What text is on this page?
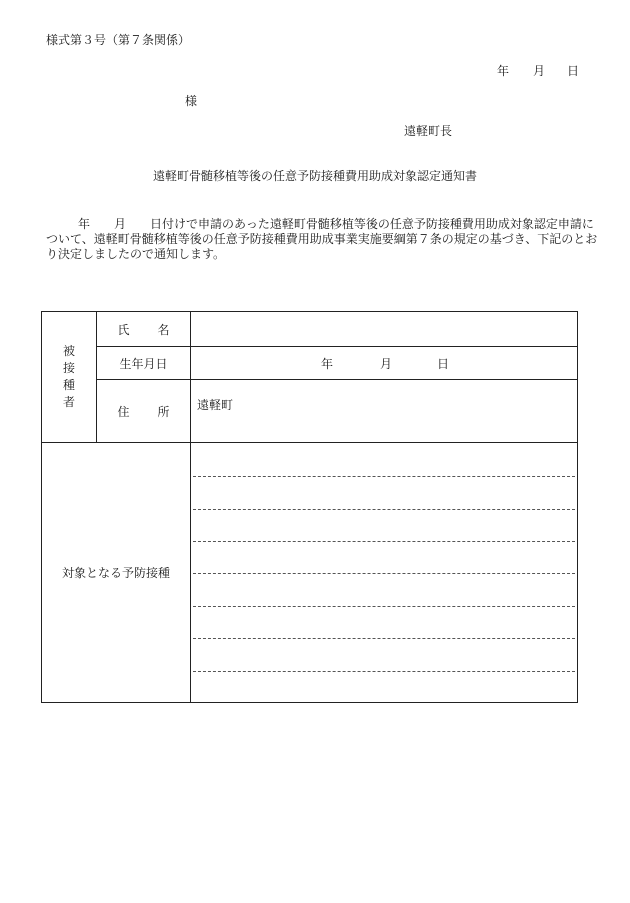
様式第３号（第７条関係）
年 月 日
様
遠軽町長
遠軽町骨髄移植等後の任意予防接種費用助成対象認定通知書
　年　　月　　日付けで申請のあった遠軽町骨髄移植等後の任意予防接種費用助成対象認定申請に
ついて、遠軽町骨髄移植等後の任意予防接種費用助成事業実施要綱第７条の規定の基づき、下記のとお
り決定しましたので通知します。
被
接
種
者	氏 名	
	生年月日	年 月 日

	住 所	遠軽町

対象となる予防接種		
